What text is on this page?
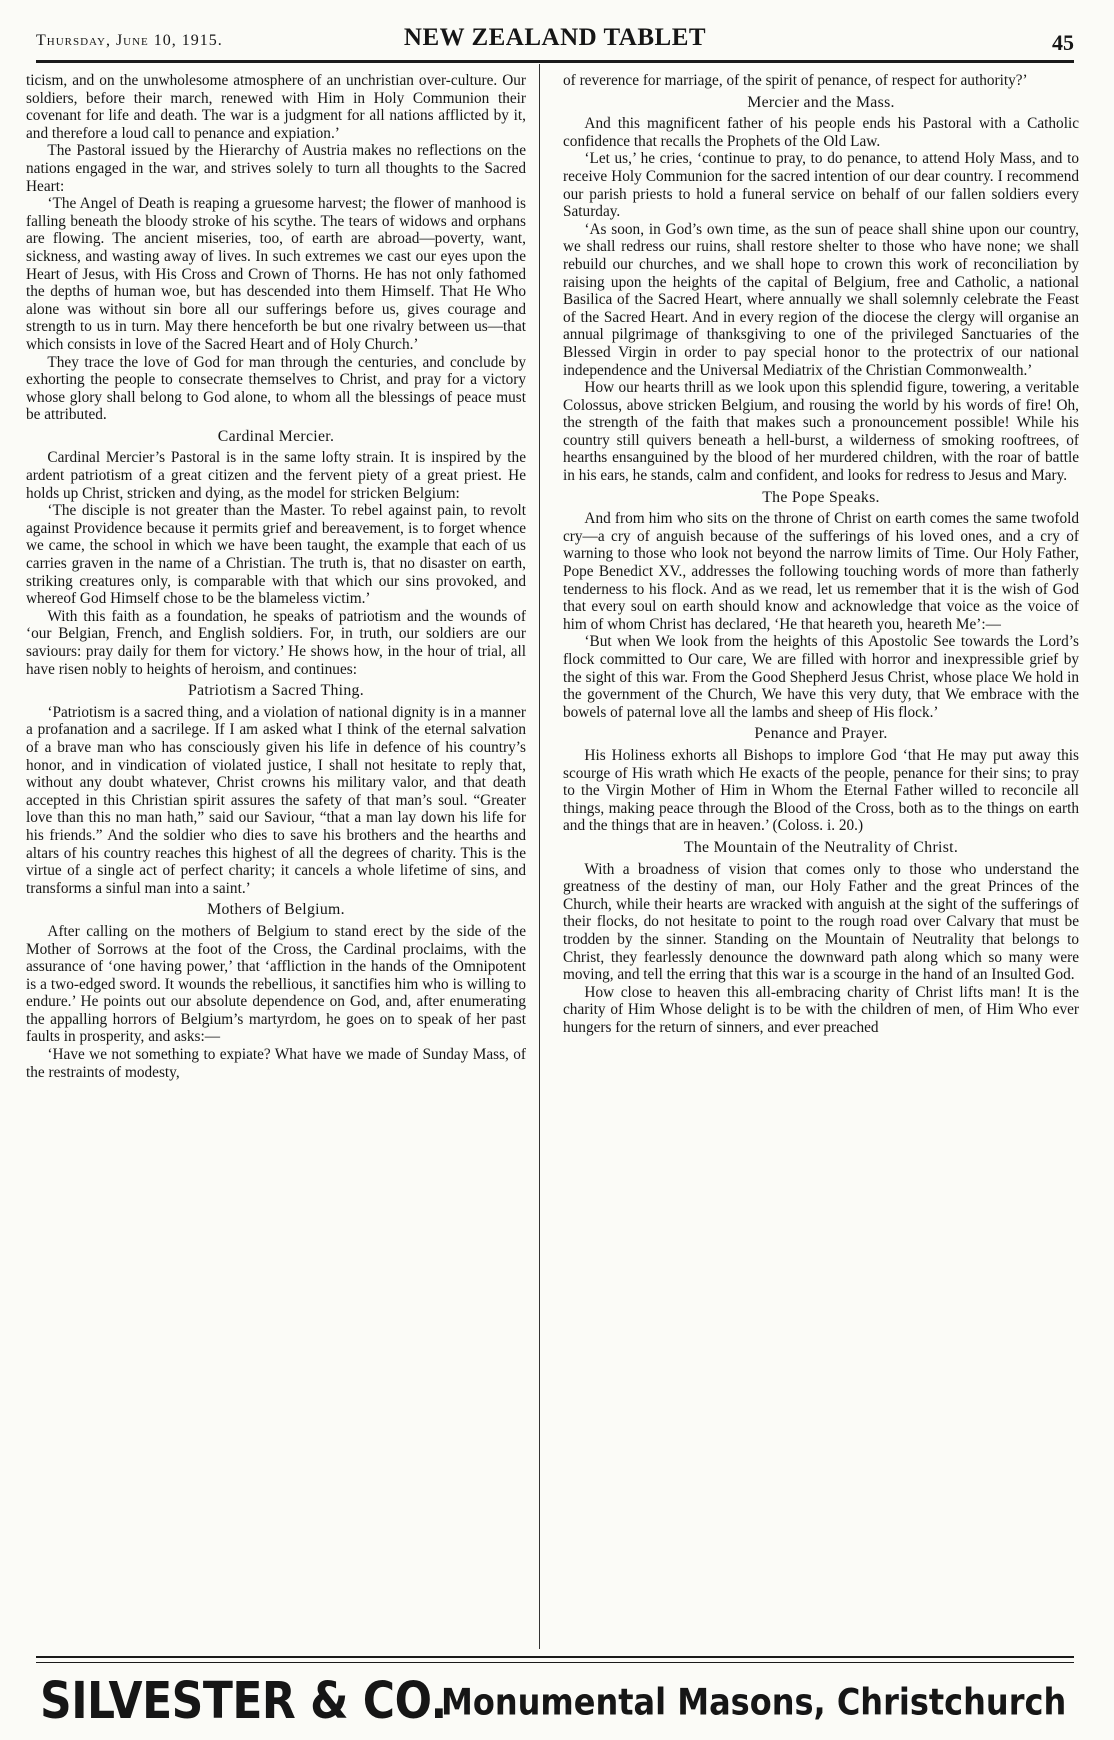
Thursday, June 10, 1915.	NEW ZEALAND TABLET	45

ticism, and on the unwholesome atmosphere of an unchristian over-culture. Our soldiers, before their march, renewed with Him in Holy Communion their covenant for life and death. The war is a judgment for all nations afflicted by it, and therefore a loud call to penance and expiation.’

The Pastoral issued by the Hierarchy of Austria makes no reflections on the nations engaged in the war, and strives solely to turn all thoughts to the Sacred Heart:

‘The Angel of Death is reaping a gruesome harvest; the flower of manhood is falling beneath the bloody stroke of his scythe. The tears of widows and orphans are flowing. The ancient miseries, too, of earth are abroad—poverty, want, sickness, and wasting away of lives. In such extremes we cast our eyes upon the Heart of Jesus, with His Cross and Crown of Thorns. He has not only fathomed the depths of human woe, but has descended into them Himself. That He Who alone was without sin bore all our sufferings before us, gives courage and strength to us in turn. May there henceforth be but one rivalry between us—that which consists in love of the Sacred Heart and of Holy Church.’

They trace the love of God for man through the centuries, and conclude by exhorting the people to consecrate themselves to Christ, and pray for a victory whose glory shall belong to God alone, to whom all the blessings of peace must be attributed.

Cardinal Mercier.

Cardinal Mercier’s Pastoral is in the same lofty strain. It is inspired by the ardent patriotism of a great citizen and the fervent piety of a great priest. He holds up Christ, stricken and dying, as the model for stricken Belgium:

‘The disciple is not greater than the Master. To rebel against pain, to revolt against Providence because it permits grief and bereavement, is to forget whence we came, the school in which we have been taught, the example that each of us carries graven in the name of a Christian. The truth is, that no disaster on earth, striking creatures only, is comparable with that which our sins provoked, and whereof God Himself chose to be the blameless victim.’

With this faith as a foundation, he speaks of patriotism and the wounds of ‘our Belgian, French, and English soldiers. For, in truth, our soldiers are our saviours: pray daily for them for victory.’ He shows how, in the hour of trial, all have risen nobly to heights of heroism, and continues:

Patriotism a Sacred Thing.

‘Patriotism is a sacred thing, and a violation of national dignity is in a manner a profanation and a sacrilege. If I am asked what I think of the eternal salvation of a brave man who has consciously given his life in defence of his country’s honor, and in vindication of violated justice, I shall not hesitate to reply that, without any doubt whatever, Christ crowns his military valor, and that death accepted in this Christian spirit assures the safety of that man’s soul. “Greater love than this no man hath,” said our Saviour, “that a man lay down his life for his friends.” And the soldier who dies to save his brothers and the hearths and altars of his country reaches this highest of all the degrees of charity. This is the virtue of a single act of perfect charity; it cancels a whole lifetime of sins, and transforms a sinful man into a saint.’

Mothers of Belgium.

After calling on the mothers of Belgium to stand erect by the side of the Mother of Sorrows at the foot of the Cross, the Cardinal proclaims, with the assurance of ‘one having power,’ that ‘affliction in the hands of the Omnipotent is a two-edged sword. It wounds the rebellious, it sanctifies him who is willing to endure.’ He points out our absolute dependence on God, and, after enumerating the appalling horrors of Belgium’s martyrdom, he goes on to speak of her past faults in prosperity, and asks:—

‘Have we not something to expiate? What have we made of Sunday Mass, of the restraints of modesty,

of reverence for marriage, of the spirit of penance, of respect for authority?’

Mercier and the Mass.

And this magnificent father of his people ends his Pastoral with a Catholic confidence that recalls the Prophets of the Old Law.

‘Let us,’ he cries, ‘continue to pray, to do penance, to attend Holy Mass, and to receive Holy Communion for the sacred intention of our dear country. I recommend our parish priests to hold a funeral service on behalf of our fallen soldiers every Saturday.

‘As soon, in God’s own time, as the sun of peace shall shine upon our country, we shall redress our ruins, shall restore shelter to those who have none; we shall rebuild our churches, and we shall hope to crown this work of reconciliation by raising upon the heights of the capital of Belgium, free and Catholic, a national Basilica of the Sacred Heart, where annually we shall solemnly celebrate the Feast of the Sacred Heart. And in every region of the diocese the clergy will organise an annual pilgrimage of thanksgiving to one of the privileged Sanctuaries of the Blessed Virgin in order to pay special honor to the protectrix of our national independence and the Universal Mediatrix of the Christian Commonwealth.’

How our hearts thrill as we look upon this splendid figure, towering, a veritable Colossus, above stricken Belgium, and rousing the world by his words of fire! Oh, the strength of the faith that makes such a pronouncement possible! While his country still quivers beneath a hell-burst, a wilderness of smoking rooftrees, of hearths ensanguined by the blood of her murdered children, with the roar of battle in his ears, he stands, calm and confident, and looks for redress to Jesus and Mary.

The Pope Speaks.

And from him who sits on the throne of Christ on earth comes the same twofold cry—a cry of anguish because of the sufferings of his loved ones, and a cry of warning to those who look not beyond the narrow limits of Time. Our Holy Father, Pope Benedict XV., addresses the following touching words of more than fatherly tenderness to his flock. And as we read, let us remember that it is the wish of God that every soul on earth should know and acknowledge that voice as the voice of him of whom Christ has declared, ‘He that heareth you, heareth Me’:—

‘But when We look from the heights of this Apostolic See towards the Lord’s flock committed to Our care, We are filled with horror and inexpressible grief by the sight of this war. From the Good Shepherd Jesus Christ, whose place We hold in the government of the Church, We have this very duty, that We embrace with the bowels of paternal love all the lambs and sheep of His flock.’

Penance and Prayer.

His Holiness exhorts all Bishops to implore God ‘that He may put away this scourge of His wrath which He exacts of the people, penance for their sins; to pray to the Virgin Mother of Him in Whom the Eternal Father willed to reconcile all things, making peace through the Blood of the Cross, both as to the things on earth and the things that are in heaven.’ (Coloss. i. 20.)

The Mountain of the Neutrality of Christ.

With a broadness of vision that comes only to those who understand the greatness of the destiny of man, our Holy Father and the great Princes of the Church, while their hearts are wracked with anguish at the sight of the sufferings of their flocks, do not hesitate to point to the rough road over Calvary that must be trodden by the sinner. Standing on the Mountain of Neutrality that belongs to Christ, they fearlessly denounce the downward path along which so many were moving, and tell the erring that this war is a scourge in the hand of an Insulted God.

How close to heaven this all-embracing charity of Christ lifts man! It is the charity of Him Whose delight is to be with the children of men, of Him Who ever hungers for the return of sinners, and ever preached

SILVESTER & CO.
Monumental Masons, Christchurch
